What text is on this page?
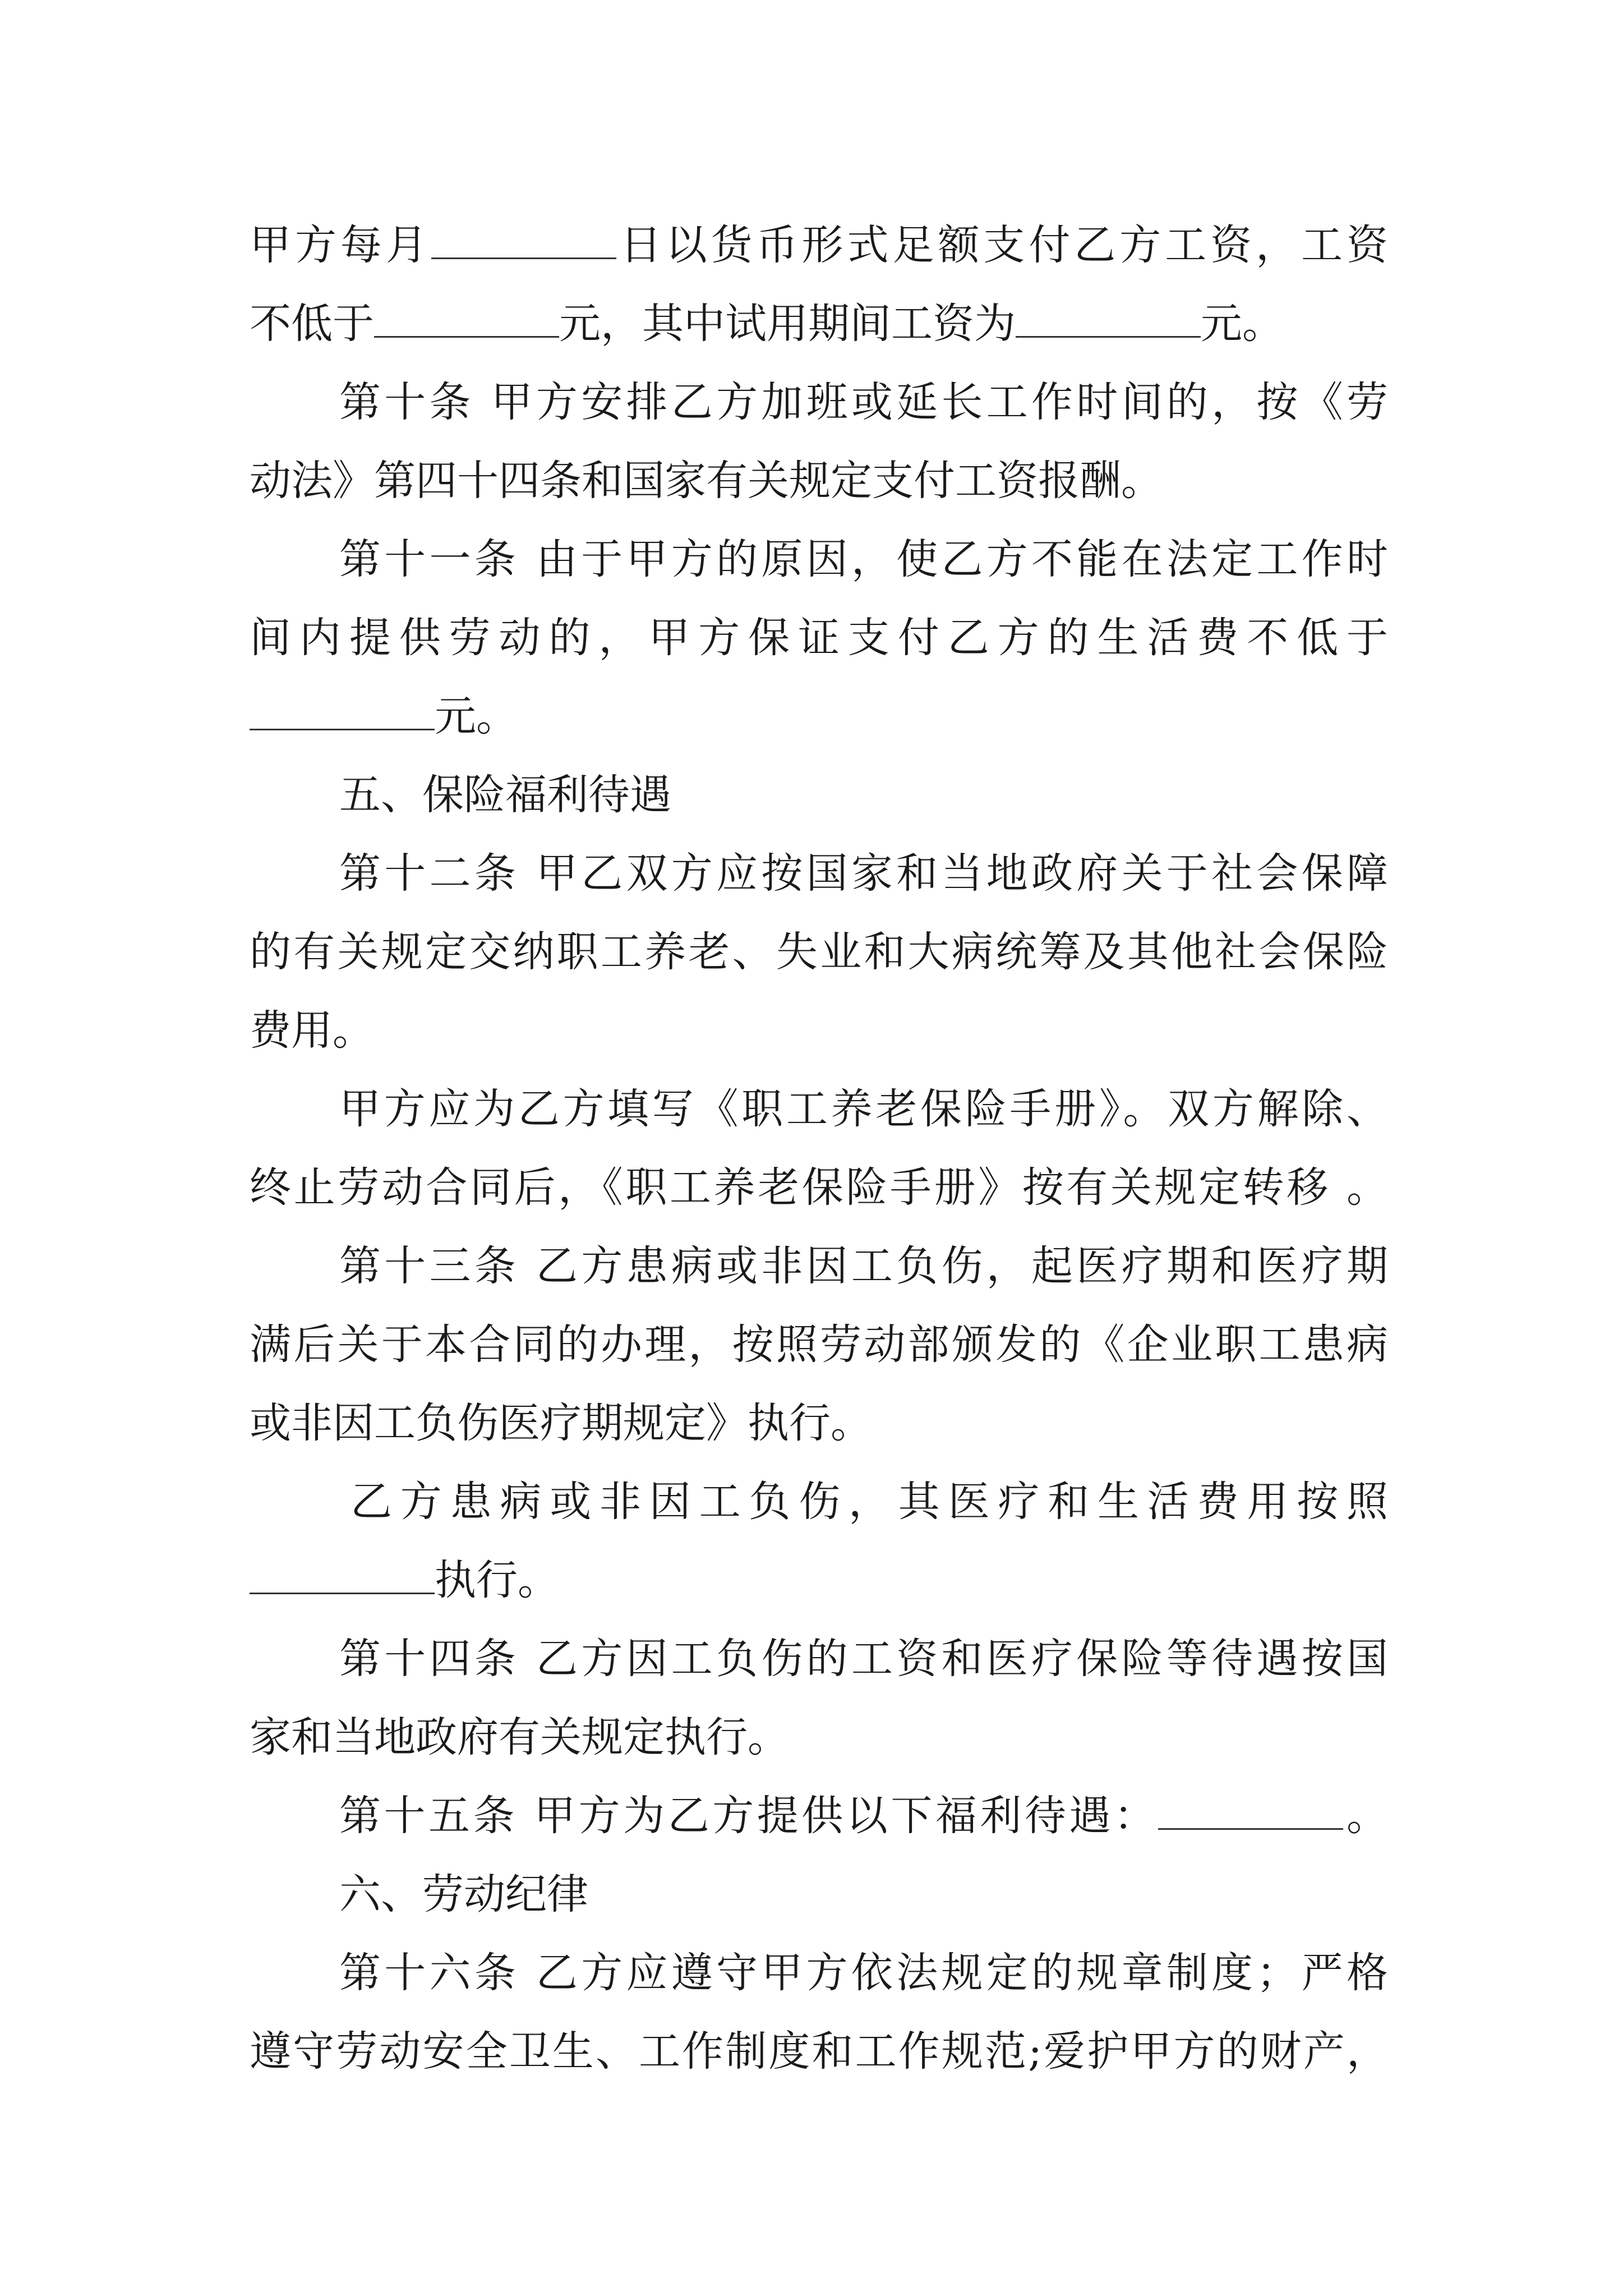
甲方每月	日以货币形式足额支付乙方工资，工资

不低于	元，其中试用期间工资为	元。

第十条 甲方安排乙方加班或延长工作时间的，按《劳

动法》第四十四条和国家有关规定支付工资报酬。

第十一条 由于甲方的原因，使乙方不能在法定工作时

间内提供劳动的，甲方保证支付乙方的生活费不低于

元。

五、保险福利待遇

第十二条 甲乙双方应按国家和当地政府关于社会保障

的有关规定交纳职工养老、失业和大病统筹及其他社会保险

费用。

甲方应为乙方填写《职工养老保险手册》。双方解除、

终止劳动合同后，《职工养老保险手册》按有关规定转移 。

第十三条 乙方患病或非因工负伤，起医疗期和医疗期

满后关于本合同的办理，按照劳动部颁发的《企业职工患病

或非因工负伤医疗期规定》执行。

乙方患病或非因工负伤，其医疗和生活费用按照

执行。

第十四条 乙方因工负伤的工资和医疗保险等待遇按国

家和当地政府有关规定执行。

第十五条 甲方为乙方提供以下福利待遇：	。

六、劳动纪律

第十六条 乙方应遵守甲方依法规定的规章制度；严格

遵守劳动安全卫生、工作制度和工作规范;爱护甲方的财产，
